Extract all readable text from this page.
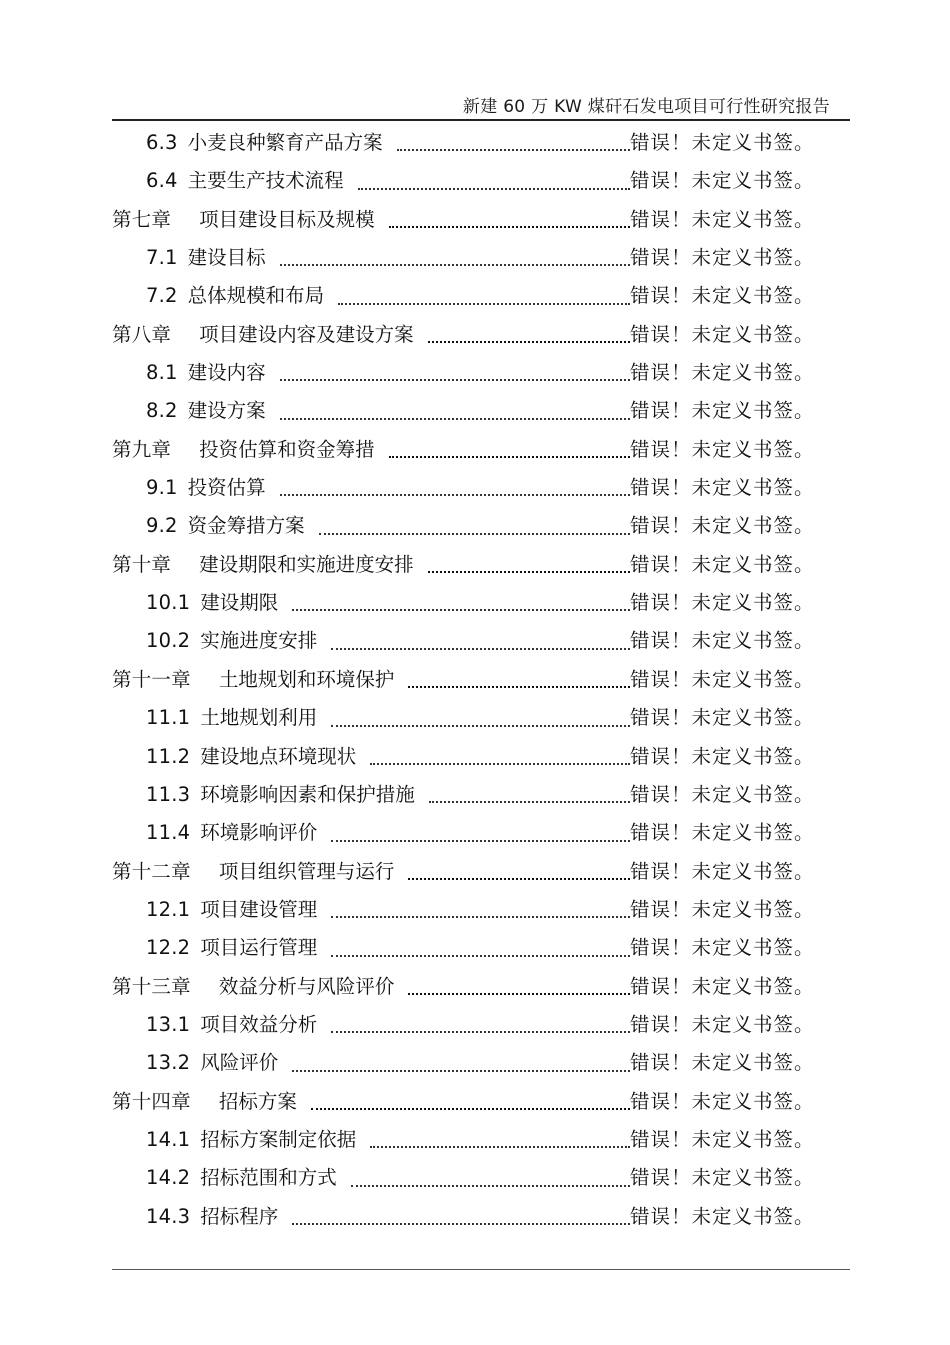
新建 60 万 KW 煤矸石发电项目可行性研究报告
6.3 小麦良种繁育产品方案	错误！未定义书签。
6.4 主要生产技术流程	错误！未定义书签。
第七章 项目建设目标及规模	错误！未定义书签。
7.1 建设目标	错误！未定义书签。
7.2 总体规模和布局	错误！未定义书签。
第八章 项目建设内容及建设方案	错误！未定义书签。
8.1 建设内容	错误！未定义书签。
8.2 建设方案	错误！未定义书签。
第九章 投资估算和资金筹措	错误！未定义书签。
9.1 投资估算	错误！未定义书签。
9.2 资金筹措方案	错误！未定义书签。
第十章 建设期限和实施进度安排	错误！未定义书签。
10.1 建设期限	错误！未定义书签。
10.2 实施进度安排	错误！未定义书签。
第十一章 土地规划和环境保护	错误！未定义书签。
11.1 土地规划利用	错误！未定义书签。
11.2 建设地点环境现状	错误！未定义书签。
11.3 环境影响因素和保护措施	错误！未定义书签。
11.4 环境影响评价	错误！未定义书签。
第十二章 项目组织管理与运行	错误！未定义书签。
12.1 项目建设管理	错误！未定义书签。
12.2 项目运行管理	错误！未定义书签。
第十三章 效益分析与风险评价	错误！未定义书签。
13.1 项目效益分析	错误！未定义书签。
13.2 风险评价	错误！未定义书签。
第十四章 招标方案	错误！未定义书签。
14.1 招标方案制定依据	错误！未定义书签。
14.2 招标范围和方式	错误！未定义书签。
14.3 招标程序	错误！未定义书签。
